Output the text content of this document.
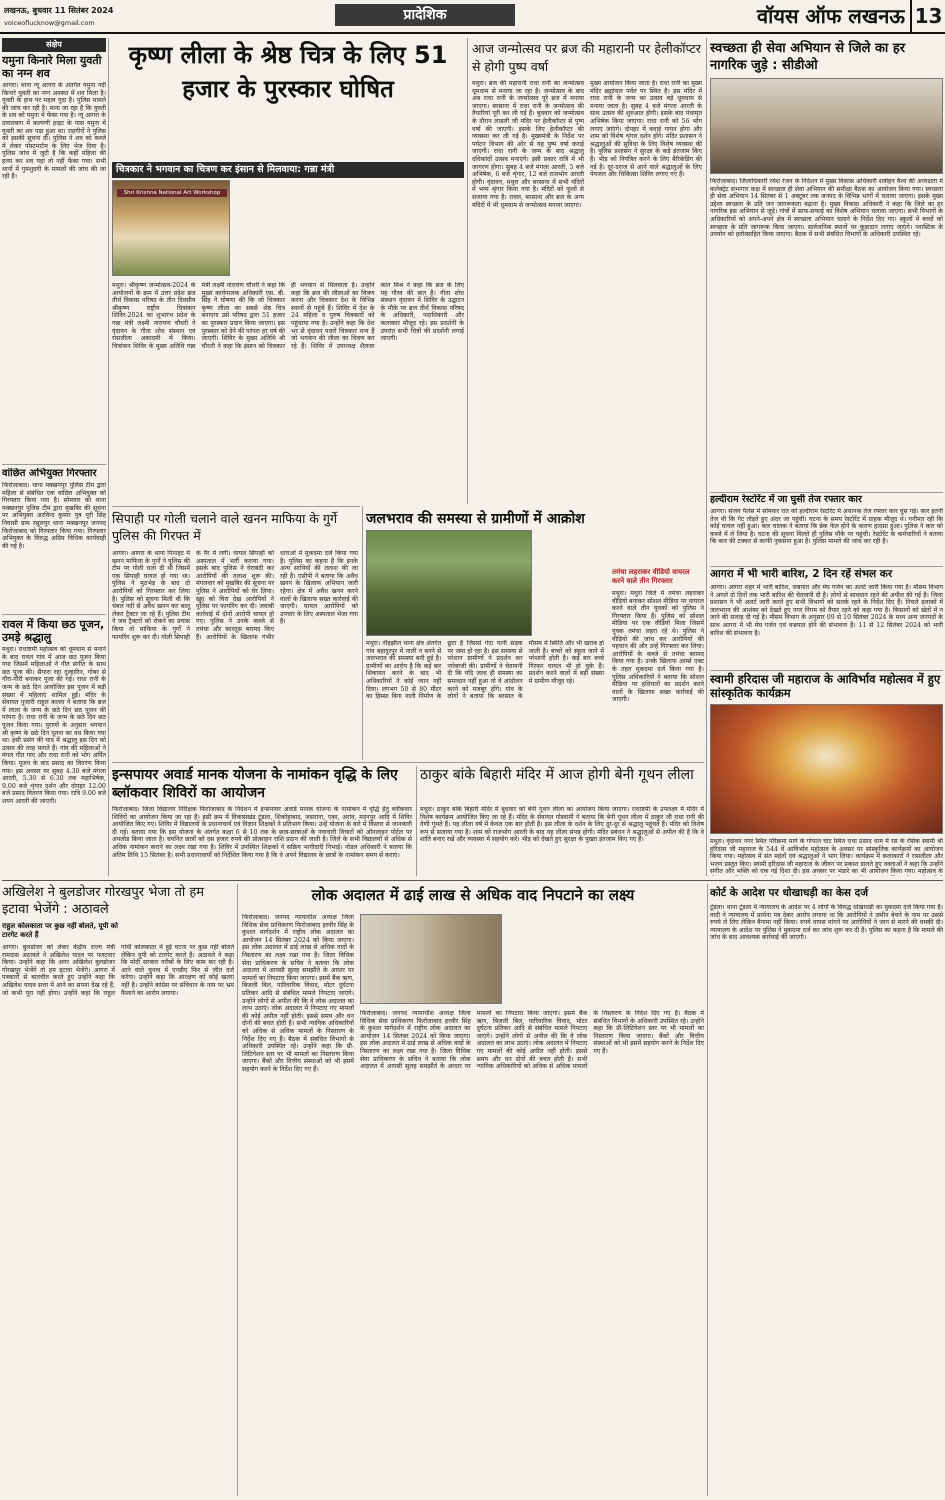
लखनऊ, बुधवार 11 सितंबर 2024
voiceoflucknow@gmail.com	प्रादेशिक	वॉयस ऑफ लखनऊ 13
संक्षेप
यमुना किनारे मिला युवती का नग्न शव
आगरा। थाना न्यू आगरा के अंतर्गत यमुना नदी किनारे युवती का नग्न अवस्था में शव मिला है। युवती के हाथ पर महत्व गुदा है। पुलिस मामले की जांच कर रही है। माना जा रहा है कि युवती के शव को यमुना में फेंका गया है। न्यू आगरा के दयालबाग में कल्पणी हाइट के पास यमुना में युवती का शव पड़ा हुआ था। राहगीरों ने पुलिस को इसकी सूचना दी। पुलिस ने शव को कब्जे में लेकर पोस्टमार्टम के लिए भेज दिया है। पुलिस जांच में जुटी है कि कहीं महिला की हत्या कर शव यहां तो नहीं फेंका गया। सभी थानों में गुमशुदगी के मामलों की जांच की जा रही है।
वांछित अभियुक्त गिरफ्तार
फिरोजाबाद। थाना मक्खनपुर पुलिस टीम द्वारा महिला से संबंधित एक वांछित अभियुक्त को गिरफ्तार किया गया है। सोमवार को थाना मक्खनपुर पुलिस टीम द्वारा मुखबिर की सूचना पर अभियुक्त अरविन्द कुमार पुत्र पूरी सिंह निवासी ग्राम रसूलपुर थाना मक्खनपुर जनपद फिरोजाबाद को गिरफ्तार किया गया। गिरफ्तार अभियुक्त के विरुद्ध अग्रिम विधिक कार्यवाही की गई है।
रावल में किया छठ पूजन, उमड़े श्रद्धालु
मथुरा। राधाष्टमी महोत्सव को धूमधाम से मनाने के बाद रावल गांव में आज छठ पूजन किया गया जिसमें महिलाओं ने गीत संगीत के साथ छठ पूजा की। सैयारा रहा दुल्हारिन, गोबर से गौरा-गौरी बनाकर पूजा की गई। राधा रानी के जन्म के छठे दिन आयोजित इस पूजन में बड़ी संख्या में महिलाएं शामिल हुईं। मंदिर के सेवायत पुजारी राहुल कल्ला ने बताया कि ब्रज में लाला के जन्म के छठे दिन छठ पूजन की परंपरा है। राधा रानी के जन्म के छठे दिन छठ पूजन किया गया। पुराणों के अनुसार भगवान श्री कृष्ण के छठे दिन पूतना का वध किया गया था। इसी प्रसंग की याद में श्रद्धालु इस दिन को उत्सव की तरह मनाते हैं। गांव की महिलाओं ने मंगल गीत गाए और राधा रानी को भोग अर्पित किया। पूजन के बाद प्रसाद का वितरण किया गया। इस अवसर पर सुबह 4.30 बजे मंगला आरती, 5.30 से 6.30 तक महाभिषेक, 9.00 बजे शृंगार दर्शन और दोपहर 12.00 बजे प्रसाद वितरण किया गया। रात्रि 9.00 बजे शयन आरती की जाएगी।
कृष्ण लीला के श्रेष्ठ चित्र के लिए 51 हजार के पुरस्कार घोषित
चित्रकार ने भगवान का चित्रण कर इंसान से मिलवाया: गन्ना मंत्री
Shri Krishna National Art Workshop
मथुरा। श्रीकृष्ण जन्मोत्सव-2024 के आयोजनों के क्रम में उत्तर प्रदेश ब्रज तीर्थ विकास परिषद के तीन दिवसीय श्रीकृष्ण राष्ट्रीय चित्रांकन शिविर-2024 का शुभारंभ प्रदेश के गन्ना मंत्री लक्ष्मी नारायण चौधरी ने वृंदावन के गीता शोध संस्थान एवं रासलीला अकादमी में किया। चित्रांकन शिविर के मुख्य अतिथि गन्ना मंत्री लक्ष्मी नारायण चौधरी ने कहा कि मुख्य कार्यपालक अधिकारी एस. बी. सिंह ने घोषणा की कि जो चित्रकार कृष्ण लीला का सबसे श्रेष्ठ चित्र बनाएगा उसे परिषद द्वारा 51 हजार का पुरस्कार प्रदान किया जाएगा। इस पुरस्कार को देने की परंपरा हर वर्ष की जाएगी। शिविर के मुख्य अतिथि श्री चौधरी ने कहा कि इंसान को चित्रकार ही भगवान से मिलवाता है। उन्होंने कहा कि ब्रज की लीलाओं का चित्रण करना और चित्रकार देश के विभिन्न स्थानों से पहुंचे हैं। शिविर में देश के 24 महिला व पुरुष चित्रकारों को पहुंचाया गया है। उन्होंने कहा कि देश भर से वृंदावन पधारे चित्रकार धन्य हैं जो भगवान की लीला का चित्रण कर रहे हैं। शिविर में उपाध्यक्ष शैलजा कांत मिश्र ने कहा कि ब्रज के लिए यह गौरव की बात है। गीता शोध संस्थान वृंदावन में शिविर के उद्घाटन के मौके पर ब्रज तीर्थ विकास परिषद के अधिकारी, पदाधिकारी और कलाकार मौजूद रहे। इस प्रदर्शनी के उपरांत सभी चित्रों की प्रदर्शनी लगाई जाएगी।
आज जन्मोत्सव पर ब्रज की महारानी पर हेलीकॉप्टर से होगी पुष्प वर्षा
मथुरा। ब्रज की महारानी राधा रानी का जन्मोत्सव धूमधाम से मनाया जा रहा है। जन्मोत्सव के बाद अब राधा रानी के जन्मोत्सव पूरे ब्रज में मनाया जाएगा। बरसाना में राधा रानी के जन्मोत्सव की तैयारियां पूरी कर ली गई हैं। बुधवार को जन्मोत्सव के दौरान लाडली जी मंदिर पर हेलीकॉप्टर से पुष्प वर्षा की जाएगी। इसके लिए हेलीकॉप्टर की व्यवस्था कर ली गई है। मुख्यमंत्री के निर्देश पर पर्यटन विभाग की ओर से यह पुष्प वर्षा कराई जाएगी। राधा रानी के जन्म के बाद श्रद्धालु दधिकांदों उत्सव मनाएंगे। इसी प्रकार रात्रि में भी जागरण होगा। सुबह 4 बजे मंगला आरती, 5 बजे अभिषेक, 6 बजे शृंगार, 12 बजे राजभोग आरती होगी। वृंदावन, मथुरा और बरसाना में सभी मंदिरों में भव्य श्रृंगार किया गया है। मंदिरों को फूलों से सजाया गया है। रावल, बरसाना और ब्रज के अन्य मंदिरों में भी धूमधाम से जन्मोत्सव मनाया जाएगा।
मुख्य आयोजन किया जाता है। राधा रानी का मुख्य मंदिर ब्रह्मांचल पर्वत पर स्थित है। इस मंदिर में राधा रानी के जन्म का उत्सव बड़े धूमधाम से मनाया जाता है। सुबह 4 बजे मंगला आरती के साथ उत्सव की शुरुआत होगी। इसके बाद पंचामृत अभिषेक किया जाएगा। राधा रानी को 56 भोग लगाए जाएंगे। दोपहर में बधाई गायन होगा और शाम को विशेष शृंगार दर्शन होंगे। मंदिर प्रशासन ने श्रद्धालुओं की सुविधा के लिए विशेष व्यवस्था की है। पुलिस प्रशासन ने सुरक्षा के कड़े इंतजाम किए हैं। भीड़ को नियंत्रित करने के लिए बैरिकेडिंग की गई है। दूर-दराज से आने वाले श्रद्धालुओं के लिए पेयजल और चिकित्सा शिविर लगाए गए हैं।
स्वच्छता ही सेवा अभियान से जिले का हर नागरिक जुड़े : सीडीओ
फिरोजाबाद। जिलाधिकारी रमेश रंजन के निर्देशन में मुख्य विकास अधिकारी शत्रोहन वैश्य की अध्यक्षता में कलेक्ट्रेट सभागार कक्ष में स्वच्छता ही सेवा अभियान की समीक्षा बैठक का आयोजन किया गया। स्वच्छता ही सेवा अभियान 14 सितंबर से 1 अक्टूबर तक जनपद के विभिन्न भागों में चलाया जाएगा। इसके मुख्य उद्देश्य स्वच्छता के प्रति जन जागरूकता बढ़ाना है। मुख्य विकास अधिकारी ने कहा कि जिले का हर नागरिक इस अभियान से जुड़े। गांवों में साफ-सफाई का विशेष अभियान चलाया जाएगा। सभी विभागों के अधिकारियों को अपने-अपने क्षेत्र में स्वच्छता अभियान चलाने के निर्देश दिए गए। स्कूलों में बच्चों को स्वच्छता के प्रति जागरूक किया जाएगा। सार्वजनिक स्थानों पर कूड़ादान लगाए जाएंगे। प्लास्टिक के उपयोग को हतोत्साहित किया जाएगा। बैठक में सभी संबंधित विभागों के अधिकारी उपस्थित रहे।
हल्दीराम रेस्टोरेंट में जा घुसी तेज रफ्तार कार
आगरा। संजय पैलेस में सोमवार रात को हल्दीराम रेस्टोरेंट में अचानक तेज रफ्तार कार घुस गई। कार इतनी तेज थी कि गेट तोड़ते हुए अंदर जा पहुंची। घटना के समय रेस्टोरेंट में ग्राहक मौजूद थे। गनीमत रही कि कोई घायल नहीं हुआ। कार चालक ने बताया कि ब्रेक फेल होने के कारण हादसा हुआ। पुलिस ने कार को कब्जे में ले लिया है। घटना की सूचना मिलते ही पुलिस मौके पर पहुंची। रेस्टोरेंट के कर्मचारियों ने बताया कि कार की टक्कर से काफी नुकसान हुआ है। पुलिस मामले की जांच कर रही है।
आगरा में भी भारी बारिश, 2 दिन रहें संभल कर
आगरा। आगरा शहर में भारी बारिश, वज्रपात और मेघ गर्जन का अलर्ट जारी किया गया है। मौसम विभाग ने अगले दो दिनों तक भारी बारिश की चेतावनी दी है। लोगों से सावधान रहने की अपील की गई है। जिला प्रशासन ने भी अलर्ट जारी करते हुए सभी विभागों को सतर्क रहने के निर्देश दिए हैं। निचले इलाकों में जलभराव की आशंका को देखते हुए नगर निगम को तैयार रहने को कहा गया है। किसानों को खेतों में न जाने की सलाह दी गई है। मौसम विभाग के अनुसार 09 से 10 सितंबर 2024 के मध्य अन्य जनपदों के साथ आगरा में भी मेघ गर्जन एवं वज्रपात होने की संभावना है। 11 से 12 सितंबर 2024 को भारी बारिश की संभावना है।
स्वामी हरिदास जी महाराज के आविर्भाव महोत्सव में हुए सांस्कृतिक कार्यक्रम
मथुरा। वृंदावन नगर स्थित परिक्रमा मार्ग के गोपाल घाट स्थित राधा प्रसाद धाम में रस के रसिक स्वामी श्री हरिदास जी महाराज के 544 वें आविर्भाव महोत्सव के अवसर पर सांस्कृतिक कार्यक्रमों का आयोजन किया गया। महोत्सव में संत महंतों एवं श्रद्धालुओं ने भाग लिया। कार्यक्रम में कलाकारों ने रासलीला और भजन प्रस्तुत किए। स्वामी हरिदास जी महाराज के जीवन पर प्रकाश डालते हुए वक्ताओं ने कहा कि उन्होंने संगीत और भक्ति को एक नई दिशा दी। इस अवसर पर भंडारे का भी आयोजन किया गया। महोत्सव के
सिपाही पर गोली चलाने वाले खनन माफिया के गुर्गे पुलिस की गिरफ्त में
आगरा। आगरा के थाना पिनाहट में खनन माफिया के गुर्गों ने पुलिस की टीम पर गोली चला दी थी जिसमें एक सिपाही घायल हो गया था। पुलिस ने मुठभेड़ के बाद दो आरोपियों को गिरफ्तार कर लिया है। पुलिस को सूचना मिली थी कि चंबल नदी से अवैध खनन कर बालू लेकर ट्रैक्टर जा रहे हैं। पुलिस टीम ने जब ट्रैक्टरों को रोकने का प्रयास किया तो माफिया के गुर्गों ने फायरिंग शुरू कर दी। गोली सिपाही के पैर में लगी। घायल सिपाही को अस्पताल में भर्ती कराया गया। इसके बाद पुलिस ने घेराबंदी कर आरोपियों की तलाश शुरू की। मंगलवार को मुखबिर की सूचना पर पुलिस ने आरोपियों को घेर लिया। खुद को घिरा देख आरोपियों ने पुलिस पर फायरिंग कर दी। जवाबी कार्रवाई में दोनों आरोपी घायल हो गए। पुलिस ने उनके कब्जे से तमंचा और कारतूस बरामद किए हैं। आरोपियों के खिलाफ गंभीर धाराओं में मुकदमा दर्ज किया गया है। पुलिस का कहना है कि इनके अन्य साथियों की तलाश की जा रही है। एसीपी ने बताया कि अवैध खनन के खिलाफ अभियान जारी रहेगा। क्षेत्र में अवैध खनन करने वालों के खिलाफ सख्त कार्रवाई की जाएगी। घायल आरोपियों को उपचार के लिए अस्पताल भेजा गया है।
जलभराव की समस्या से ग्रामीणों में आक्रोश
मथुरा। नौहझील थाना क्षेत्र अंतर्गत गांव बहादुरपुर में नाली न बनने से जलभराव की समस्या बनी हुई है। ग्रामीणों का आरोप है कि कई बार शिकायत करने के बाद भी अधिकारियों ने कोई ध्यान नहीं दिया। लगभग 50 से 80 मीटर का हिस्सा बिना नाली निर्माण के छूटा है जिससे गंदा पानी सड़क पर जमा हो रहा है। इस समस्या से परेशान ग्रामीणों ने प्रदर्शन कर नारेबाजी की। ग्रामीणों ने चेतावनी दी कि यदि जल्द ही समस्या का समाधान नहीं हुआ तो वे आंदोलन करने को मजबूर होंगे। गांव के लोगों ने बताया कि बरसात के मौसम में स्थिति और भी खराब हो जाती है। बच्चों को स्कूल जाने में परेशानी होती है। कई बार बच्चे गिरकर घायल भी हो चुके हैं। प्रदर्शन करने वालों में बड़ी संख्या में ग्रामीण मौजूद रहे।
तमंचा लहराकर वीडियो वायरल करने वाले तीन गिरफ्तार
मथुरा। मथुरा जिले में तमंचा लहराकर वीडियो बनाकर सोशल मीडिया पर वायरल करने वाले तीन युवकों को पुलिस ने गिरफ्तार किया है। पुलिस को सोशल मीडिया पर एक वीडियो मिला जिसमें युवक तमंचा लहरा रहे थे। पुलिस ने वीडियो की जांच कर आरोपियों की पहचान की और उन्हें गिरफ्तार कर लिया। आरोपियों के कब्जे से तमंचा बरामद किया गया है। उनके खिलाफ आर्म्स एक्ट के तहत मुकदमा दर्ज किया गया है। पुलिस अधिकारियों ने बताया कि सोशल मीडिया पर हथियारों का प्रदर्शन करने वालों के खिलाफ सख्त कार्रवाई की जाएगी।
इन्सपायर अवार्ड मानक योजना के नामांकन वृद्धि के लिए ब्लॉकवार शिविरों का आयोजन
फिरोजाबाद। जिला विद्यालय निरीक्षक फिरोजाबाद के निर्देशन में इन्सपायर अवार्ड मानक योजना के नामांकन में वृद्धि हेतु ब्लॉकवार शिविरों का आयोजन किया जा रहा है। इसी क्रम में विकासखंड टूंडला, शिकोहाबाद, जसराना, एका, अरांव, मदनपुर आदि में शिविर आयोजित किए गए। शिविर में विद्यालयों के प्रधानाचार्य एवं विज्ञान शिक्षकों ने प्रतिभाग किया। उन्हें योजना के बारे में विस्तार से जानकारी दी गई। बताया गया कि इस योजना के अंतर्गत कक्षा 6 से 10 तक के छात्र-छात्राओं के नवाचारी विचारों को ऑनलाइन पोर्टल पर अपलोड किया जाता है। चयनित छात्रों को दस हजार रुपये की प्रोत्साहन राशि प्रदान की जाती है। जिले के सभी विद्यालयों से अधिक से अधिक नामांकन कराने का लक्ष्य रखा गया है। शिविर में उपस्थित शिक्षकों ने सक्रिय भागीदारी निभाई। नोडल अधिकारी ने बताया कि अंतिम तिथि 15 सितंबर है। सभी प्रधानाचार्यों को निर्देशित किया गया है कि वे अपने विद्यालय के छात्रों के नामांकन समय से कराएं।
ठाकुर बांके बिहारी मंदिर में आज होगी बेनी गूथन लीला
मथुरा। ठाकुर बांके बिहारी मंदिर में बुधवार को बेनी गूथन लीला का आयोजन किया जाएगा। राधाष्टमी के उपलक्ष्य में मंदिर में विशेष कार्यक्रम आयोजित किए जा रहे हैं। मंदिर के सेवायत गोस्वामी ने बताया कि बेनी गूथन लीला में ठाकुर जी राधा रानी की वेणी गूंथते हैं। यह लीला वर्ष में केवल एक बार होती है। इस लीला के दर्शन के लिए दूर-दूर से श्रद्धालु पहुंचते हैं। मंदिर को विशेष रूप से सजाया गया है। शाम को राजभोग आरती के बाद यह लीला संपन्न होगी। मंदिर प्रबंधन ने श्रद्धालुओं से अपील की है कि वे शांति बनाए रखें और व्यवस्था में सहयोग करें। भीड़ को देखते हुए सुरक्षा के पुख्ता इंतजाम किए गए हैं।
अखिलेश ने बुलडोजर गोरखपुर भेजा तो हम इटावा भेजेंगे : अठावले
राहुल कोलकाता पर कुछ नहीं बोलते, यूपी को टारगेट करते हैं
आगरा। बुलडोजर को लेकर केंद्रीय राज्य मंत्री रामदास अठावले ने अखिलेश यादव पर पलटवार किया। उन्होंने कहा कि अगर अखिलेश बुलडोजर गोरखपुर भेजेंगे तो हम इटावा भेजेंगे। आगरा में पत्रकारों से बातचीत करते हुए उन्होंने कहा कि अखिलेश यादव सत्ता में आने का सपना देख रहे हैं, जो कभी पूरा नहीं होगा। उन्होंने कहा कि राहुल गांधी कोलकाता में हुई घटना पर कुछ नहीं बोलते लेकिन यूपी को टारगेट करते हैं। अठावले ने कहा कि मोदी सरकार गरीबों के लिए काम कर रही है। आने वाले चुनाव में एनडीए फिर से जीत दर्ज करेगा। उन्होंने कहा कि आरक्षण को कोई खतरा नहीं है। उन्होंने कांग्रेस पर संविधान के नाम पर भ्रम फैलाने का आरोप लगाया।
लोक अदालत में ढाई लाख से अधिक वाद निपटाने का लक्ष्य
फिरोजाबाद। जनपद न्यायाधीश अध्यक्ष जिला विधिक सेवा प्राधिकरण फिरोजाबाद हरवीर सिंह के कुशल मार्गदर्शन में राष्ट्रीय लोक अदालत का आयोजन 14 सितंबर 2024 को किया जाएगा। इस लोक अदालत में ढाई लाख से अधिक वादों के निस्तारण का लक्ष्य रखा गया है। जिला विधिक सेवा प्राधिकरण के सचिव ने बताया कि लोक अदालत में आपसी सुलह समझौते के आधार पर मामलों का निपटारा किया जाएगा। इसमें बैंक ऋण, बिजली बिल, पारिवारिक विवाद, मोटर दुर्घटना प्रतिकर आदि से संबंधित मामले निपटाए जाएंगे। उन्होंने लोगों से अपील की कि वे लोक अदालत का लाभ उठाएं। लोक अदालत में निपटाए गए मामलों की कोई अपील नहीं होती। इससे समय और धन दोनों की बचत होती है। सभी न्यायिक अधिकारियों को अधिक से अधिक मामलों के निस्तारण के निर्देश दिए गए हैं। बैठक में संबंधित विभागों के अधिकारी उपस्थित रहे। उन्होंने कहा कि प्री-लिटिगेशन स्तर पर भी मामलों का निस्तारण किया जाएगा। बैंकों और वित्तीय संस्थाओं को भी इसमें सहयोग करने के निर्देश दिए गए हैं।
फिरोजाबाद। जनपद न्यायाधीश अध्यक्ष जिला विधिक सेवा प्राधिकरण फिरोजाबाद हरवीर सिंह के कुशल मार्गदर्शन में राष्ट्रीय लोक अदालत का आयोजन 14 सितंबर 2024 को किया जाएगा। इस लोक अदालत में ढाई लाख से अधिक वादों के निस्तारण का लक्ष्य रखा गया है। जिला विधिक सेवा प्राधिकरण के सचिव ने बताया कि लोक अदालत में आपसी सुलह समझौते के आधार पर मामलों का निपटारा किया जाएगा। इसमें बैंक ऋण, बिजली बिल, पारिवारिक विवाद, मोटर दुर्घटना प्रतिकर आदि से संबंधित मामले निपटाए जाएंगे। उन्होंने लोगों से अपील की कि वे लोक अदालत का लाभ उठाएं। लोक अदालत में निपटाए गए मामलों की कोई अपील नहीं होती। इससे समय और धन दोनों की बचत होती है। सभी न्यायिक अधिकारियों को अधिक से अधिक मामलों के निस्तारण के निर्देश दिए गए हैं। बैठक में संबंधित विभागों के अधिकारी उपस्थित रहे। उन्होंने कहा कि प्री-लिटिगेशन स्तर पर भी मामलों का निस्तारण किया जाएगा। बैंकों और वित्तीय संस्थाओं को भी इसमें सहयोग करने के निर्देश दिए गए हैं।
कोर्ट के आदेश पर धोखाधड़ी का केस दर्ज
टूंडला। थाना टूंडला में न्यायालय के आदेश पर 4 लोगों के विरुद्ध धोखाधड़ी का मुकदमा दर्ज किया गया है। वादी ने न्यायालय में प्रार्थना पत्र देकर आरोप लगाया था कि आरोपियों ने जमीन बेचने के नाम पर उससे रुपये ले लिए लेकिन बैनामा नहीं किया। रुपये वापस मांगने पर आरोपियों ने जान से मारने की धमकी दी। न्यायालय के आदेश पर पुलिस ने मुकदमा दर्ज कर जांच शुरू कर दी है। पुलिस का कहना है कि मामले की जांच के बाद आवश्यक कार्रवाई की जाएगी।
